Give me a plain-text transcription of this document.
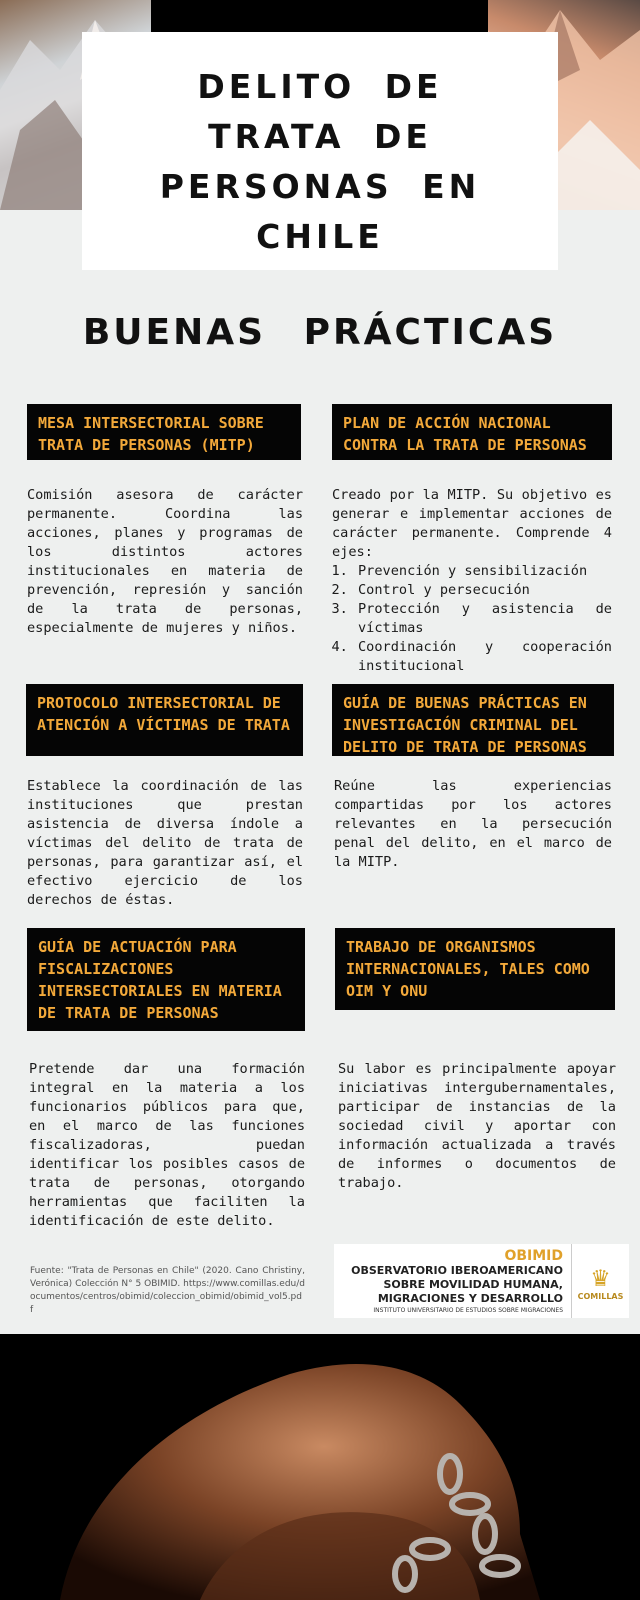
DELITO DE TRATA DE PERSONAS EN CHILE
BUENAS PRÁCTICAS
MESA INTERSECTORIAL SOBRE TRATA DE PERSONAS (MITP)
PLAN DE ACCIÓN NACIONAL CONTRA LA TRATA DE PERSONAS
Comisión asesora de carácter permanente. Coordina las acciones, planes y programas de los distintos actores institucionales en materia de prevención, represión y sanción de la trata de personas, especialmente de mujeres y niños.
Creado por la MITP. Su objetivo es generar e implementar acciones de carácter permanente. Comprende 4 ejes:
1. Prevención y sensibilización
2. Control y persecución
3. Protección y asistencia de víctimas
4. Coordinación y cooperación institucional
PROTOCOLO INTERSECTORIAL DE ATENCIÓN A VÍCTIMAS DE TRATA
GUÍA DE BUENAS PRÁCTICAS EN INVESTIGACIÓN CRIMINAL DEL DELITO DE TRATA DE PERSONAS
Establece la coordinación de las instituciones que prestan asistencia de diversa índole a víctimas del delito de trata de personas, para garantizar así, el efectivo ejercicio de los derechos de éstas.
Reúne las experiencias compartidas por los actores relevantes en la persecución penal del delito, en el marco de la MITP.
GUÍA DE ACTUACIÓN PARA FISCALIZACIONES INTERSECTORIALES EN MATERIA DE TRATA DE PERSONAS
TRABAJO DE ORGANISMOS INTERNACIONALES, TALES COMO OIM Y ONU
Pretende dar una formación integral en la materia a los funcionarios públicos para que, en el marco de las funciones fiscalizadoras, puedan identificar los posibles casos de trata de personas, otorgando herramientas que faciliten la identificación de este delito.
Su labor es principalmente apoyar iniciativas intergubernamentales, participar de instancias de la sociedad civil y aportar con información actualizada a través de informes o documentos de trabajo.
Fuente: "Trata de Personas en Chile" (2020. Cano Christiny, Verónica) Colección N° 5 OBIMID. https://www.comillas.edu/documentos/centros/obimid/coleccion_obimid/obimid_vol5.pdf
OBIMID
OBSERVATORIO IBEROAMERICANO
SOBRE MOVILIDAD HUMANA,
MIGRACIONES Y DESARROLLO
INSTITUTO UNIVERSITARIO DE ESTUDIOS SOBRE MIGRACIONES
♛
COMILLAS
